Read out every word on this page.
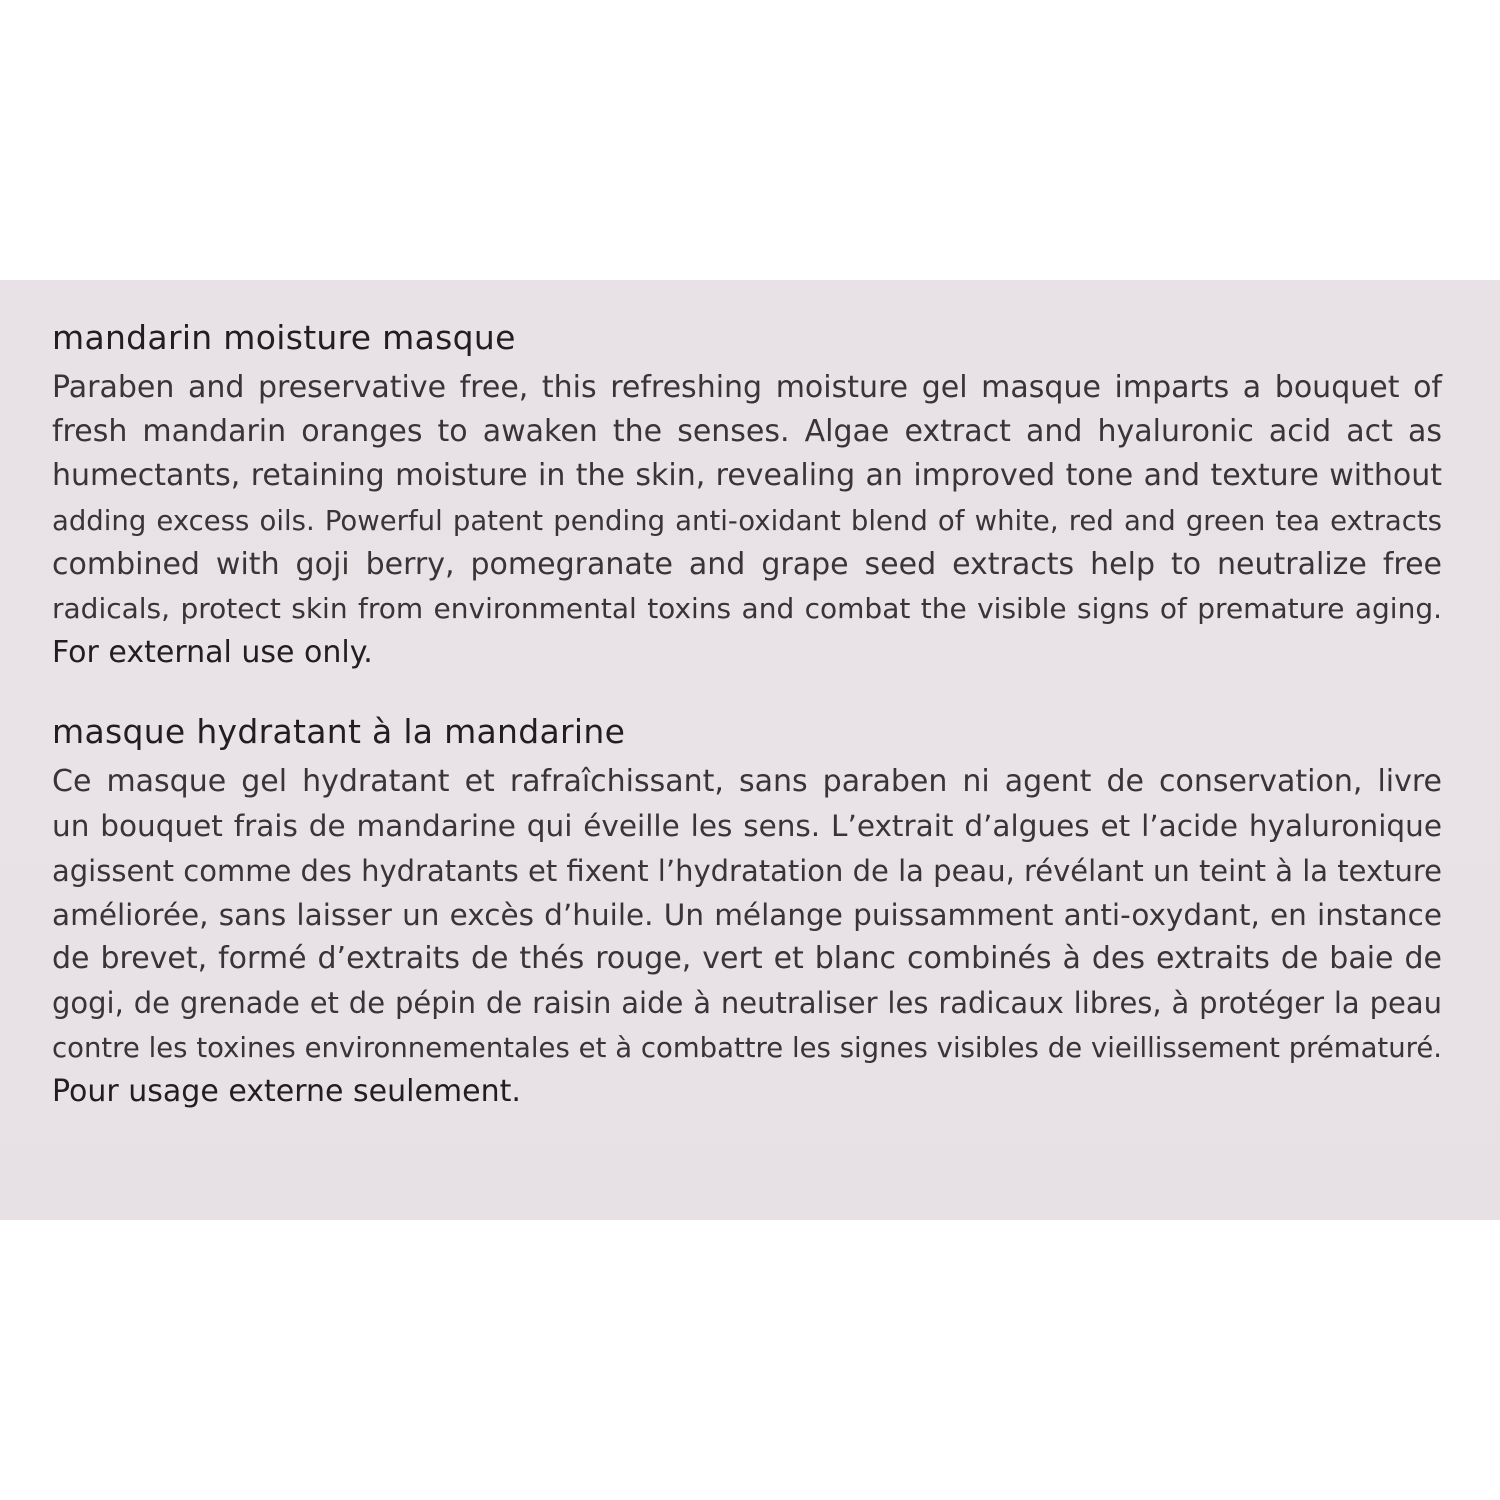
mandarin moisture masque
Paraben and preservative free, this refreshing moisture gel masque imparts a bouquet of
fresh mandarin oranges to awaken the senses. Algae extract and hyaluronic acid act as
humectants, retaining moisture in the skin, revealing an improved tone and texture without
adding excess oils. Powerful patent pending anti-oxidant blend of white, red and green tea extracts
combined with goji berry, pomegranate and grape seed extracts help to neutralize free
radicals, protect skin from environmental toxins and combat the visible signs of premature aging.
For external use only.
masque hydratant à la mandarine
Ce masque gel hydratant et rafraîchissant, sans paraben ni agent de conservation, livre
un bouquet frais de mandarine qui éveille les sens. L’extrait d’algues et l’acide hyaluronique
agissent comme des hydratants et fixent l’hydratation de la peau, révélant un teint à la texture
améliorée, sans laisser un excès d’huile. Un mélange puissamment anti-oxydant, en instance
de brevet, formé d’extraits de thés rouge, vert et blanc combinés à des extraits de baie de
gogi, de grenade et de pépin de raisin aide à neutraliser les radicaux libres, à protéger la peau
contre les toxines environnementales et à combattre les signes visibles de vieillissement prématuré.
Pour usage externe seulement.
